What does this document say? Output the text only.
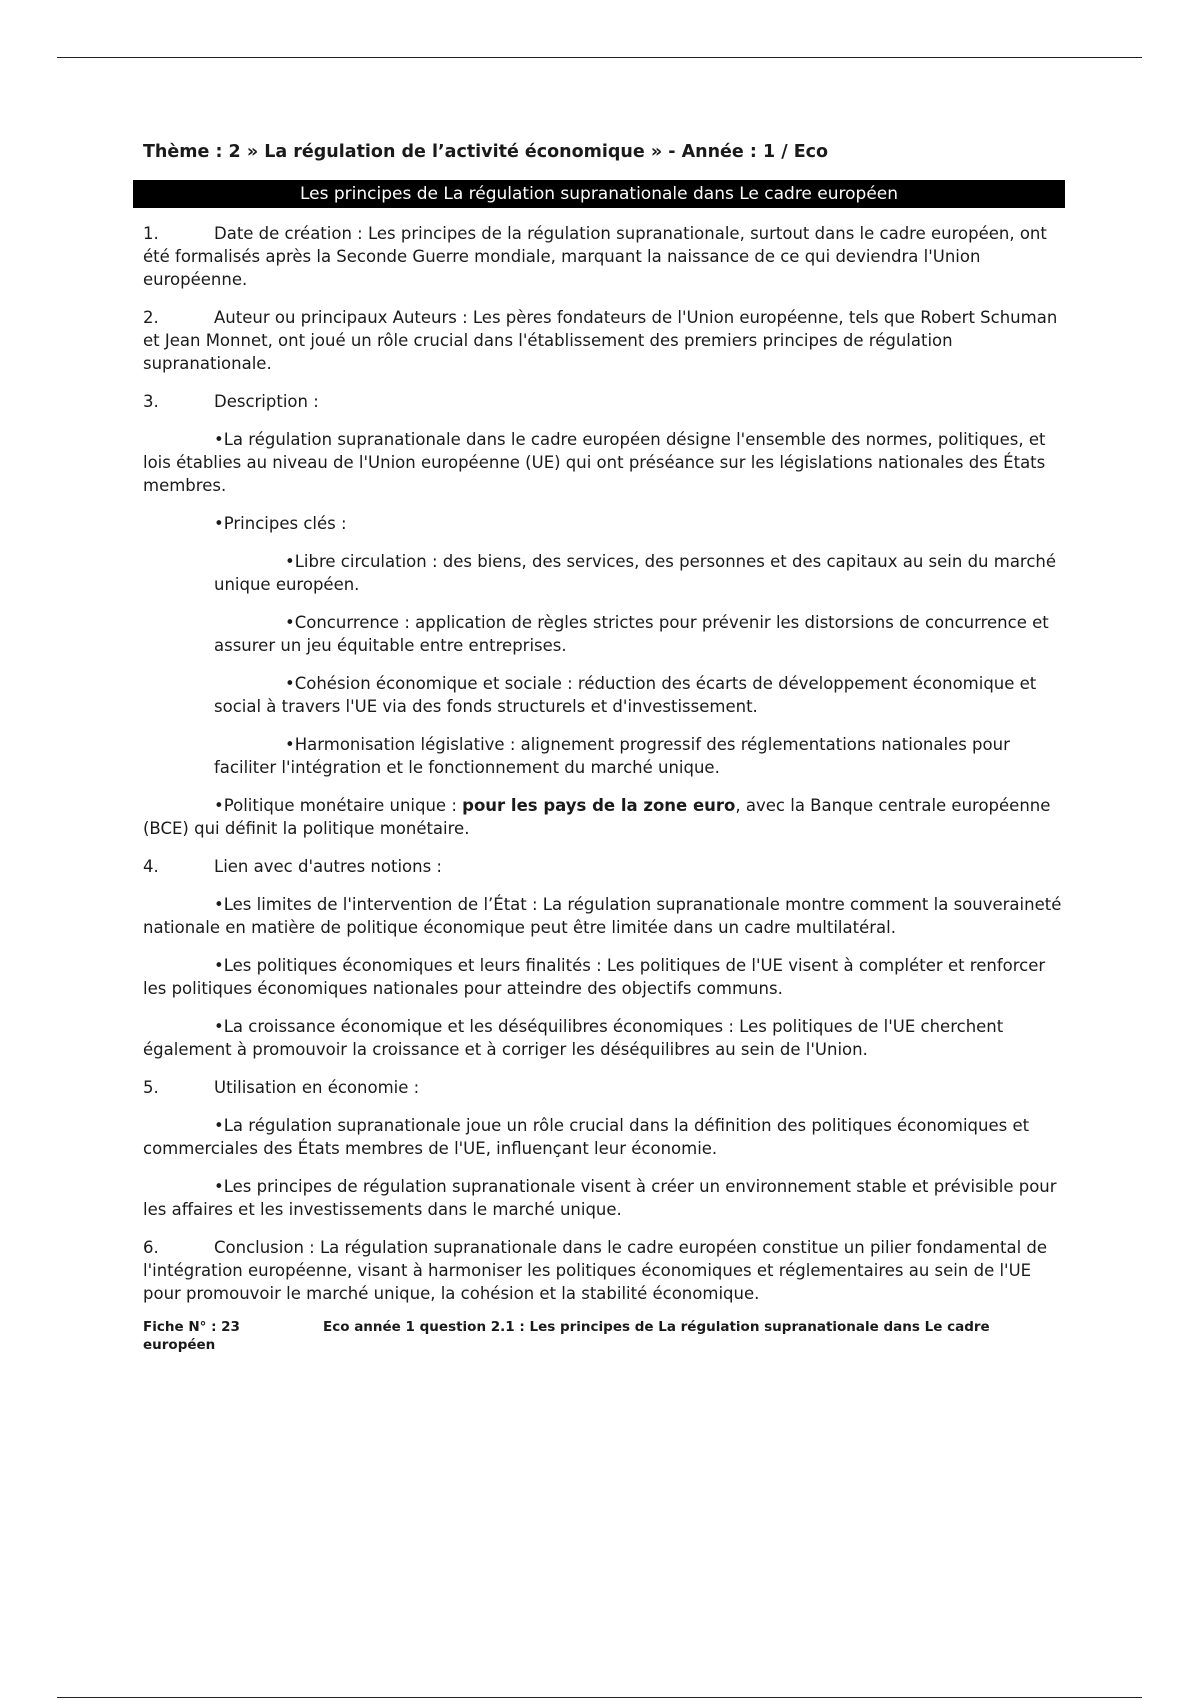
Thème : 2 » La régulation de l’activité économique » - Année : 1 / Eco
Les principes de La régulation supranationale dans Le cadre européen
1.	Date de création : Les principes de la régulation supranationale, surtout dans le cadre européen, ont été formalisés après la Seconde Guerre mondiale, marquant la naissance de ce qui deviendra l'Union européenne.
2.	Auteur ou principaux Auteurs : Les pères fondateurs de l'Union européenne, tels que Robert Schuman et Jean Monnet, ont joué un rôle crucial dans l'établissement des premiers principes de régulation supranationale.
3.	Description :
•La régulation supranationale dans le cadre européen désigne l'ensemble des normes, politiques, et lois établies au niveau de l'Union européenne (UE) qui ont préséance sur les législations nationales des États membres.
•Principes clés :
•Libre circulation : des biens, des services, des personnes et des capitaux au sein du marché unique européen.
•Concurrence : application de règles strictes pour prévenir les distorsions de concurrence et assurer un jeu équitable entre entreprises.
•Cohésion économique et sociale : réduction des écarts de développement économique et social à travers l'UE via des fonds structurels et d'investissement.
•Harmonisation législative : alignement progressif des réglementations nationales pour faciliter l'intégration et le fonctionnement du marché unique.
•Politique monétaire unique : pour les pays de la zone euro, avec la Banque centrale européenne (BCE) qui définit la politique monétaire.
4.	Lien avec d'autres notions :
•Les limites de l'intervention de l’État : La régulation supranationale montre comment la souveraineté nationale en matière de politique économique peut être limitée dans un cadre multilatéral.
•Les politiques économiques et leurs finalités : Les politiques de l'UE visent à compléter et renforcer les politiques économiques nationales pour atteindre des objectifs communs.
•La croissance économique et les déséquilibres économiques : Les politiques de l'UE cherchent également à promouvoir la croissance et à corriger les déséquilibres au sein de l'Union.
5.	Utilisation en économie :
•La régulation supranationale joue un rôle crucial dans la définition des politiques économiques et commerciales des États membres de l'UE, influençant leur économie.
•Les principes de régulation supranationale visent à créer un environnement stable et prévisible pour les affaires et les investissements dans le marché unique.
6.	Conclusion : La régulation supranationale dans le cadre européen constitue un pilier fondamental de l'intégration européenne, visant à harmoniser les politiques économiques et réglementaires au sein de l'UE pour promouvoir le marché unique, la cohésion et la stabilité économique.
Fiche N° : 23	Eco année 1 question 2.1 : Les principes de La régulation supranationale dans Le cadre européen
